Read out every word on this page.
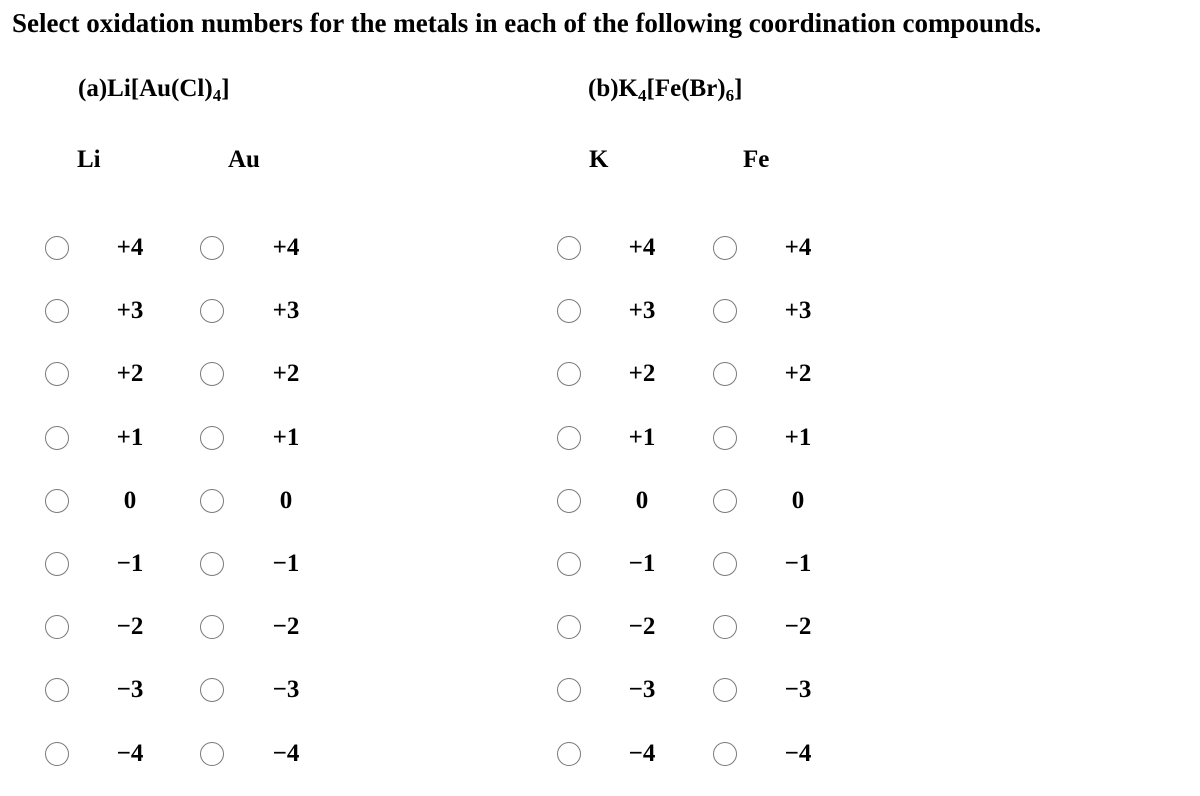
Select oxidation numbers for the metals in each of the following coordination compounds.
$(a)Li[Au(Cl)_4]$	$(b)K_4[Fe(Br)_6]$
Li
+4
+3
+2
+1
0
−1
−2
−3
−4
Au
+4
+3
+2
+1
0
−1
−2
−3
−4
K
+4
+3
+2
+1
0
−1
−2
−3
−4
Fe
+4
+3
+2
+1
0
−1
−2
−3
−4
